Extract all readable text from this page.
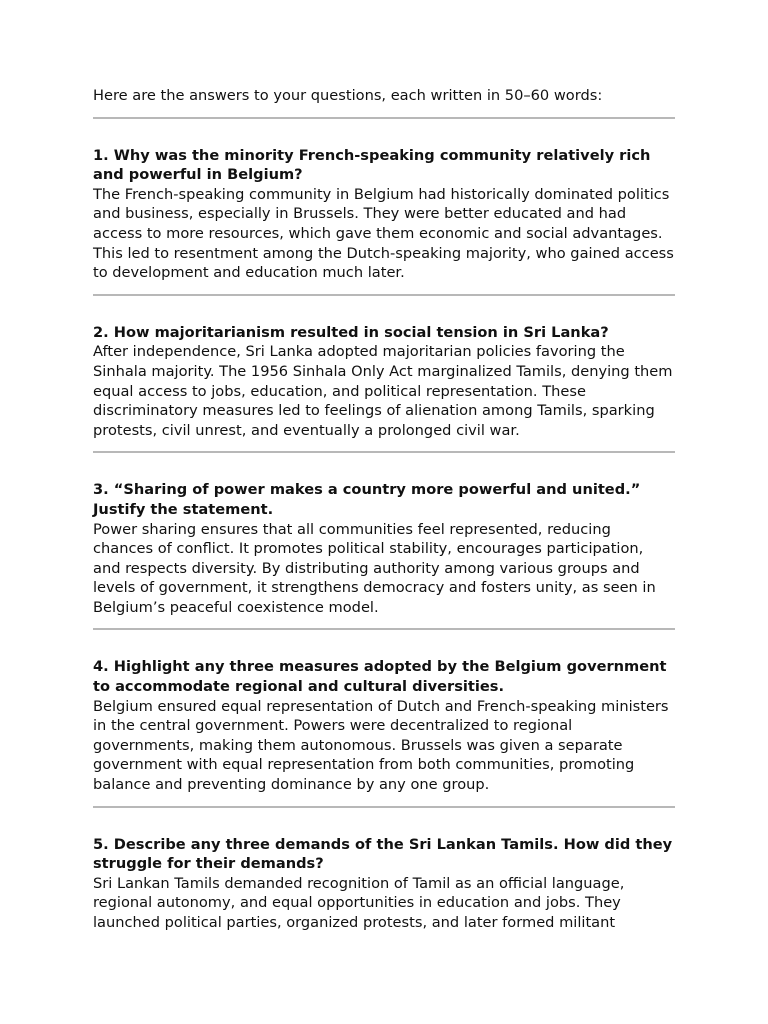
Here are the answers to your questions, each written in 50–60 words:

1. Why was the minority French-speaking community relatively rich and powerful in Belgium?

The French-speaking community in Belgium had historically dominated politics and business, especially in Brussels. They were better educated and had access to more resources, which gave them economic and social advantages. This led to resentment among the Dutch-speaking majority, who gained access to development and education much later.

2. How majoritarianism resulted in social tension in Sri Lanka?

After independence, Sri Lanka adopted majoritarian policies favoring the Sinhala majority. The 1956 Sinhala Only Act marginalized Tamils, denying them equal access to jobs, education, and political representation. These discriminatory measures led to feelings of alienation among Tamils, sparking protests, civil unrest, and eventually a prolonged civil war.

3. “Sharing of power makes a country more powerful and united.” Justify the statement.

Power sharing ensures that all communities feel represented, reducing chances of conflict. It promotes political stability, encourages participation, and respects diversity. By distributing authority among various groups and levels of government, it strengthens democracy and fosters unity, as seen in Belgium’s peaceful coexistence model.

4. Highlight any three measures adopted by the Belgium government to accommodate regional and cultural diversities.

Belgium ensured equal representation of Dutch and French-speaking ministers in the central government. Powers were decentralized to regional governments, making them autonomous. Brussels was given a separate government with equal representation from both communities, promoting balance and preventing dominance by any one group.

5. Describe any three demands of the Sri Lankan Tamils. How did they struggle for their demands?

Sri Lankan Tamils demanded recognition of Tamil as an official language, regional autonomy, and equal opportunities in education and jobs. They launched political parties, organized protests, and later formed militant
